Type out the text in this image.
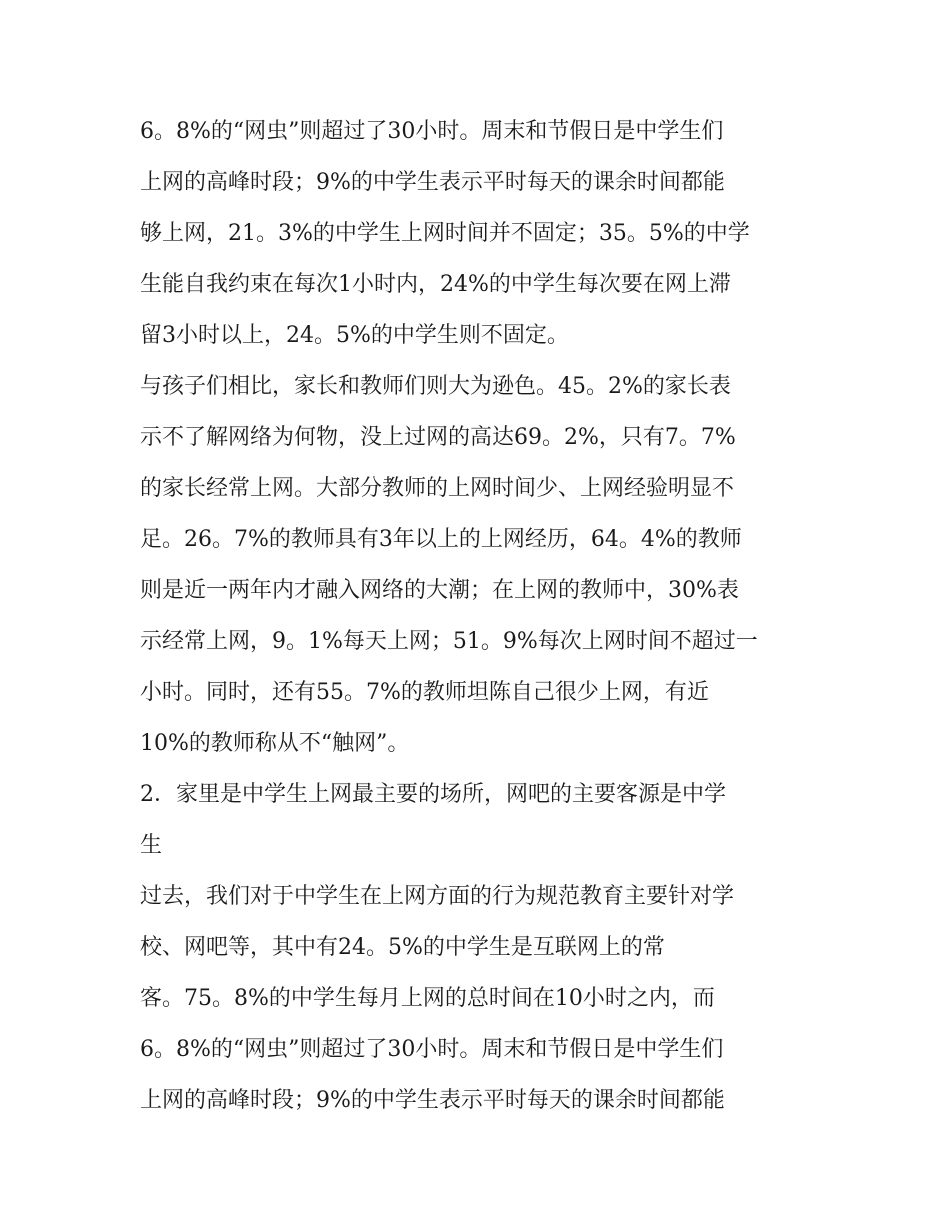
6。8%的“网虫”则超过了30小时。周末和节假日是中学生们
上网的高峰时段；9%的中学生表示平时每天的课余时间都能
够上网，21。3%的中学生上网时间并不固定；35。5%的中学
生能自我约束在每次1小时内，24%的中学生每次要在网上滞
留3小时以上，24。5%的中学生则不固定。
与孩子们相比，家长和教师们则大为逊色。45。2%的家长表
示不了解网络为何物，没上过网的高达69。2%，只有7。7%
的家长经常上网。大部分教师的上网时间少、上网经验明显不
足。26。7%的教师具有3年以上的上网经历，64。4%的教师
则是近一两年内才融入网络的大潮；在上网的教师中，30%表
示经常上网，9。1%每天上网；51。9%每次上网时间不超过一
小时。同时，还有55。7%的教师坦陈自己很少上网，有近
10%的教师称从不“触网”。
2．家里是中学生上网最主要的场所，网吧的主要客源是中学
生
过去，我们对于中学生在上网方面的行为规范教育主要针对学
校、网吧等，其中有24。5%的中学生是互联网上的常
客。75。8%的中学生每月上网的总时间在10小时之内，而
6。8%的“网虫”则超过了30小时。周末和节假日是中学生们
上网的高峰时段；9%的中学生表示平时每天的课余时间都能
